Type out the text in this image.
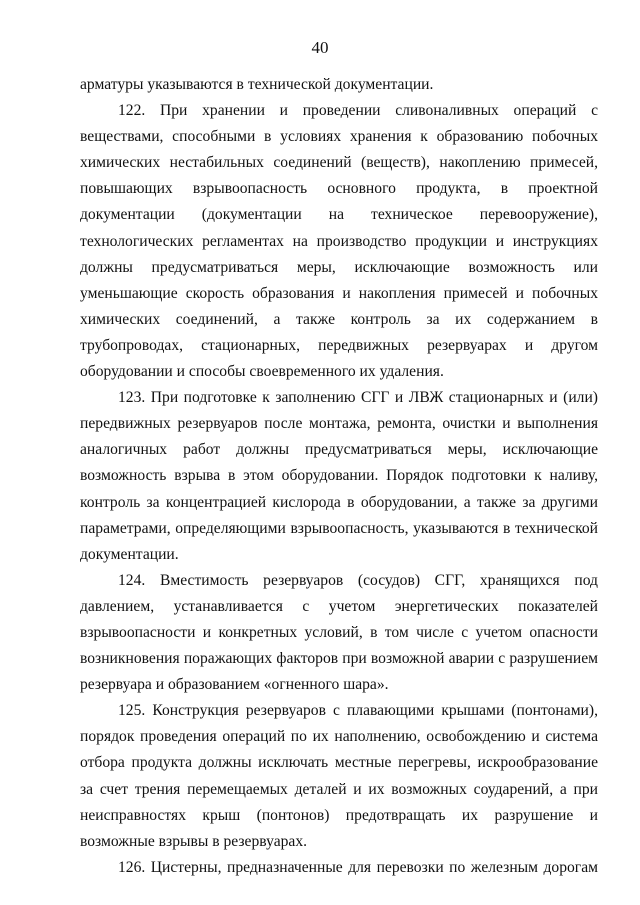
40

арматуры указываются в технической документации.

122. При хранении и проведении сливоналивных операций с веществами, способными в условиях хранения к образованию побочных химических нестабильных соединений (веществ), накоплению примесей, повышающих взрывоопасность основного продукта, в проектной документации (документации на техническое перевооружение), технологических регламентах на производство продукции и инструкциях должны предусматриваться меры, исключающие возможность или уменьшающие скорость образования и накопления примесей и побочных химических соединений, а также контроль за их содержанием в трубопроводах, стационарных, передвижных резервуарах и другом оборудовании и способы своевременного их удаления.

123. При подготовке к заполнению СГГ и ЛВЖ стационарных и (или) передвижных резервуаров после монтажа, ремонта, очистки и выполнения аналогичных работ должны предусматриваться меры, исключающие возможность взрыва в этом оборудовании. Порядок подготовки к наливу, контроль за концентрацией кислорода в оборудовании, а также за другими параметрами, определяющими взрывоопасность, указываются в технической документации.

124. Вместимость резервуаров (сосудов) СГГ, хранящихся под давлением, устанавливается с учетом энергетических показателей взрывоопасности и конкретных условий, в том числе с учетом опасности возникновения поражающих факторов при возможной аварии с разрушением резервуара и образованием «огненного шара».

125. Конструкция резервуаров с плавающими крышами (понтонами), порядок проведения операций по их наполнению, освобождению и система отбора продукта должны исключать местные перегревы, искрообразование за счет трения перемещаемых деталей и их возможных соударений, а при неисправностях крыш (понтонов) предотвращать их разрушение и возможные взрывы в резервуарах.

126. Цистерны, предназначенные для перевозки по железным дорогам
